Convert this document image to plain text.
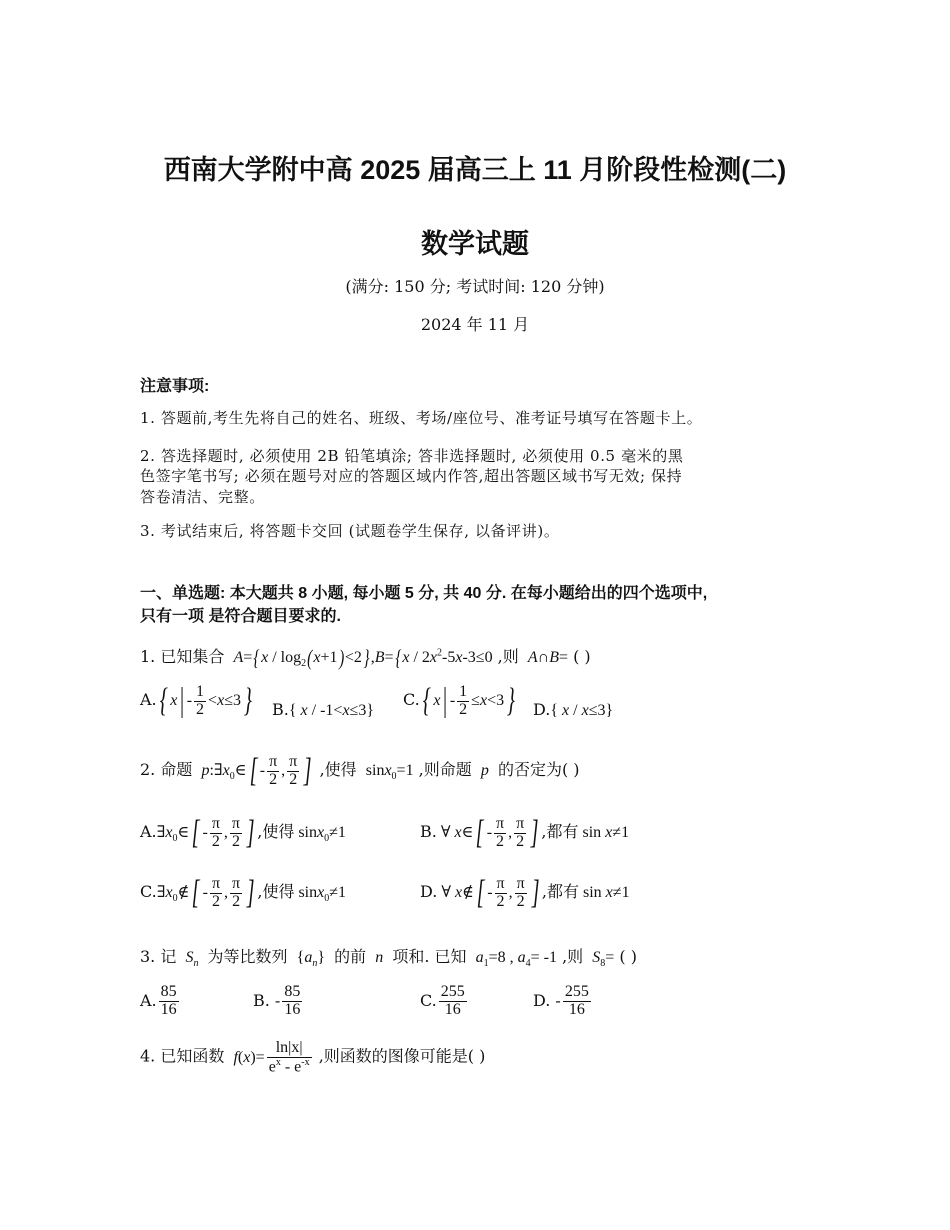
西南大学附中高 2025 届高三上 11 月阶段性检测(二)
数学试题
(满分: 150 分; 考试时间: 120 分钟)
2024 年 11 月
注意事项:
1. 答题前,考生先将自己的姓名、班级、考场/座位号、准考证号填写在答题卡上。
2. 答选择题时, 必须使用 2B 铅笔填涂; 答非选择题时, 必须使用 0.5 毫米的黑
色签字笔书写; 必须在题号对应的答题区域内作答,超出答题区域书写无效; 保持
答卷清洁、完整。
3. 考试结束后, 将答题卡交回 (试题卷学生保存, 以备评讲)。
一、单选题: 本大题共 8 小题, 每小题 5 分, 共 40 分. 在每小题给出的四个选项中,
只有一项 是符合题目要求的.
1. 已知集合  $A=\{x / \log_2(x+1)<2\},B=\{x / 2x^2-5x-3\le 0$ ,则  A∩B= ( )
A.{ $x| - \frac{1}{2} <x\le 3$} B.{ x / -1<x≤3}
C.{ $x| - \frac{1}{2} \le x<3$} D.{ x / x≤3}
2. 命题  $p:\exists x_0\in[ - \frac{\pi}{2}$ , $\frac{\pi}{2}$ ] ,使得 sinx$_0$=1 ,则命题  p  的否定为( )
$A.\exists x_0\in[ - \frac{\pi}{2}$ , $\frac{\pi}{2}$ ] ,使得 sinx$_0$≠1	B. ∀ x∈[ - $\frac{\pi}{2}$ , $\frac{\pi}{2}$ ] ,都有 sin x≠1
$C.\exists x_0\notin[ - \frac{\pi}{2}$ , $\frac{\pi}{2}$ ] ,使得 sinx$_0$≠1	D. ∀ x∉[ - $\frac{\pi}{2}$ , $\frac{\pi}{2}$ ] ,都有 sin x≠1
3. 记  $S_n$ 为等比数列 $\{a_n\}$ 的前  n  项和. 已知  $a_1=8$ , $a_4= -1$ ,则  $S_8=$ ( )
A. $\frac{85}{16}$	B. - $\frac{85}{16}$	C. $\frac{255}{16}$	D. - $\frac{255}{16}$
4. 已知函数  $f(x)= \frac{\ln|x|}{e^x - e^{-x}}$ ,则函数的图像可能是( )
